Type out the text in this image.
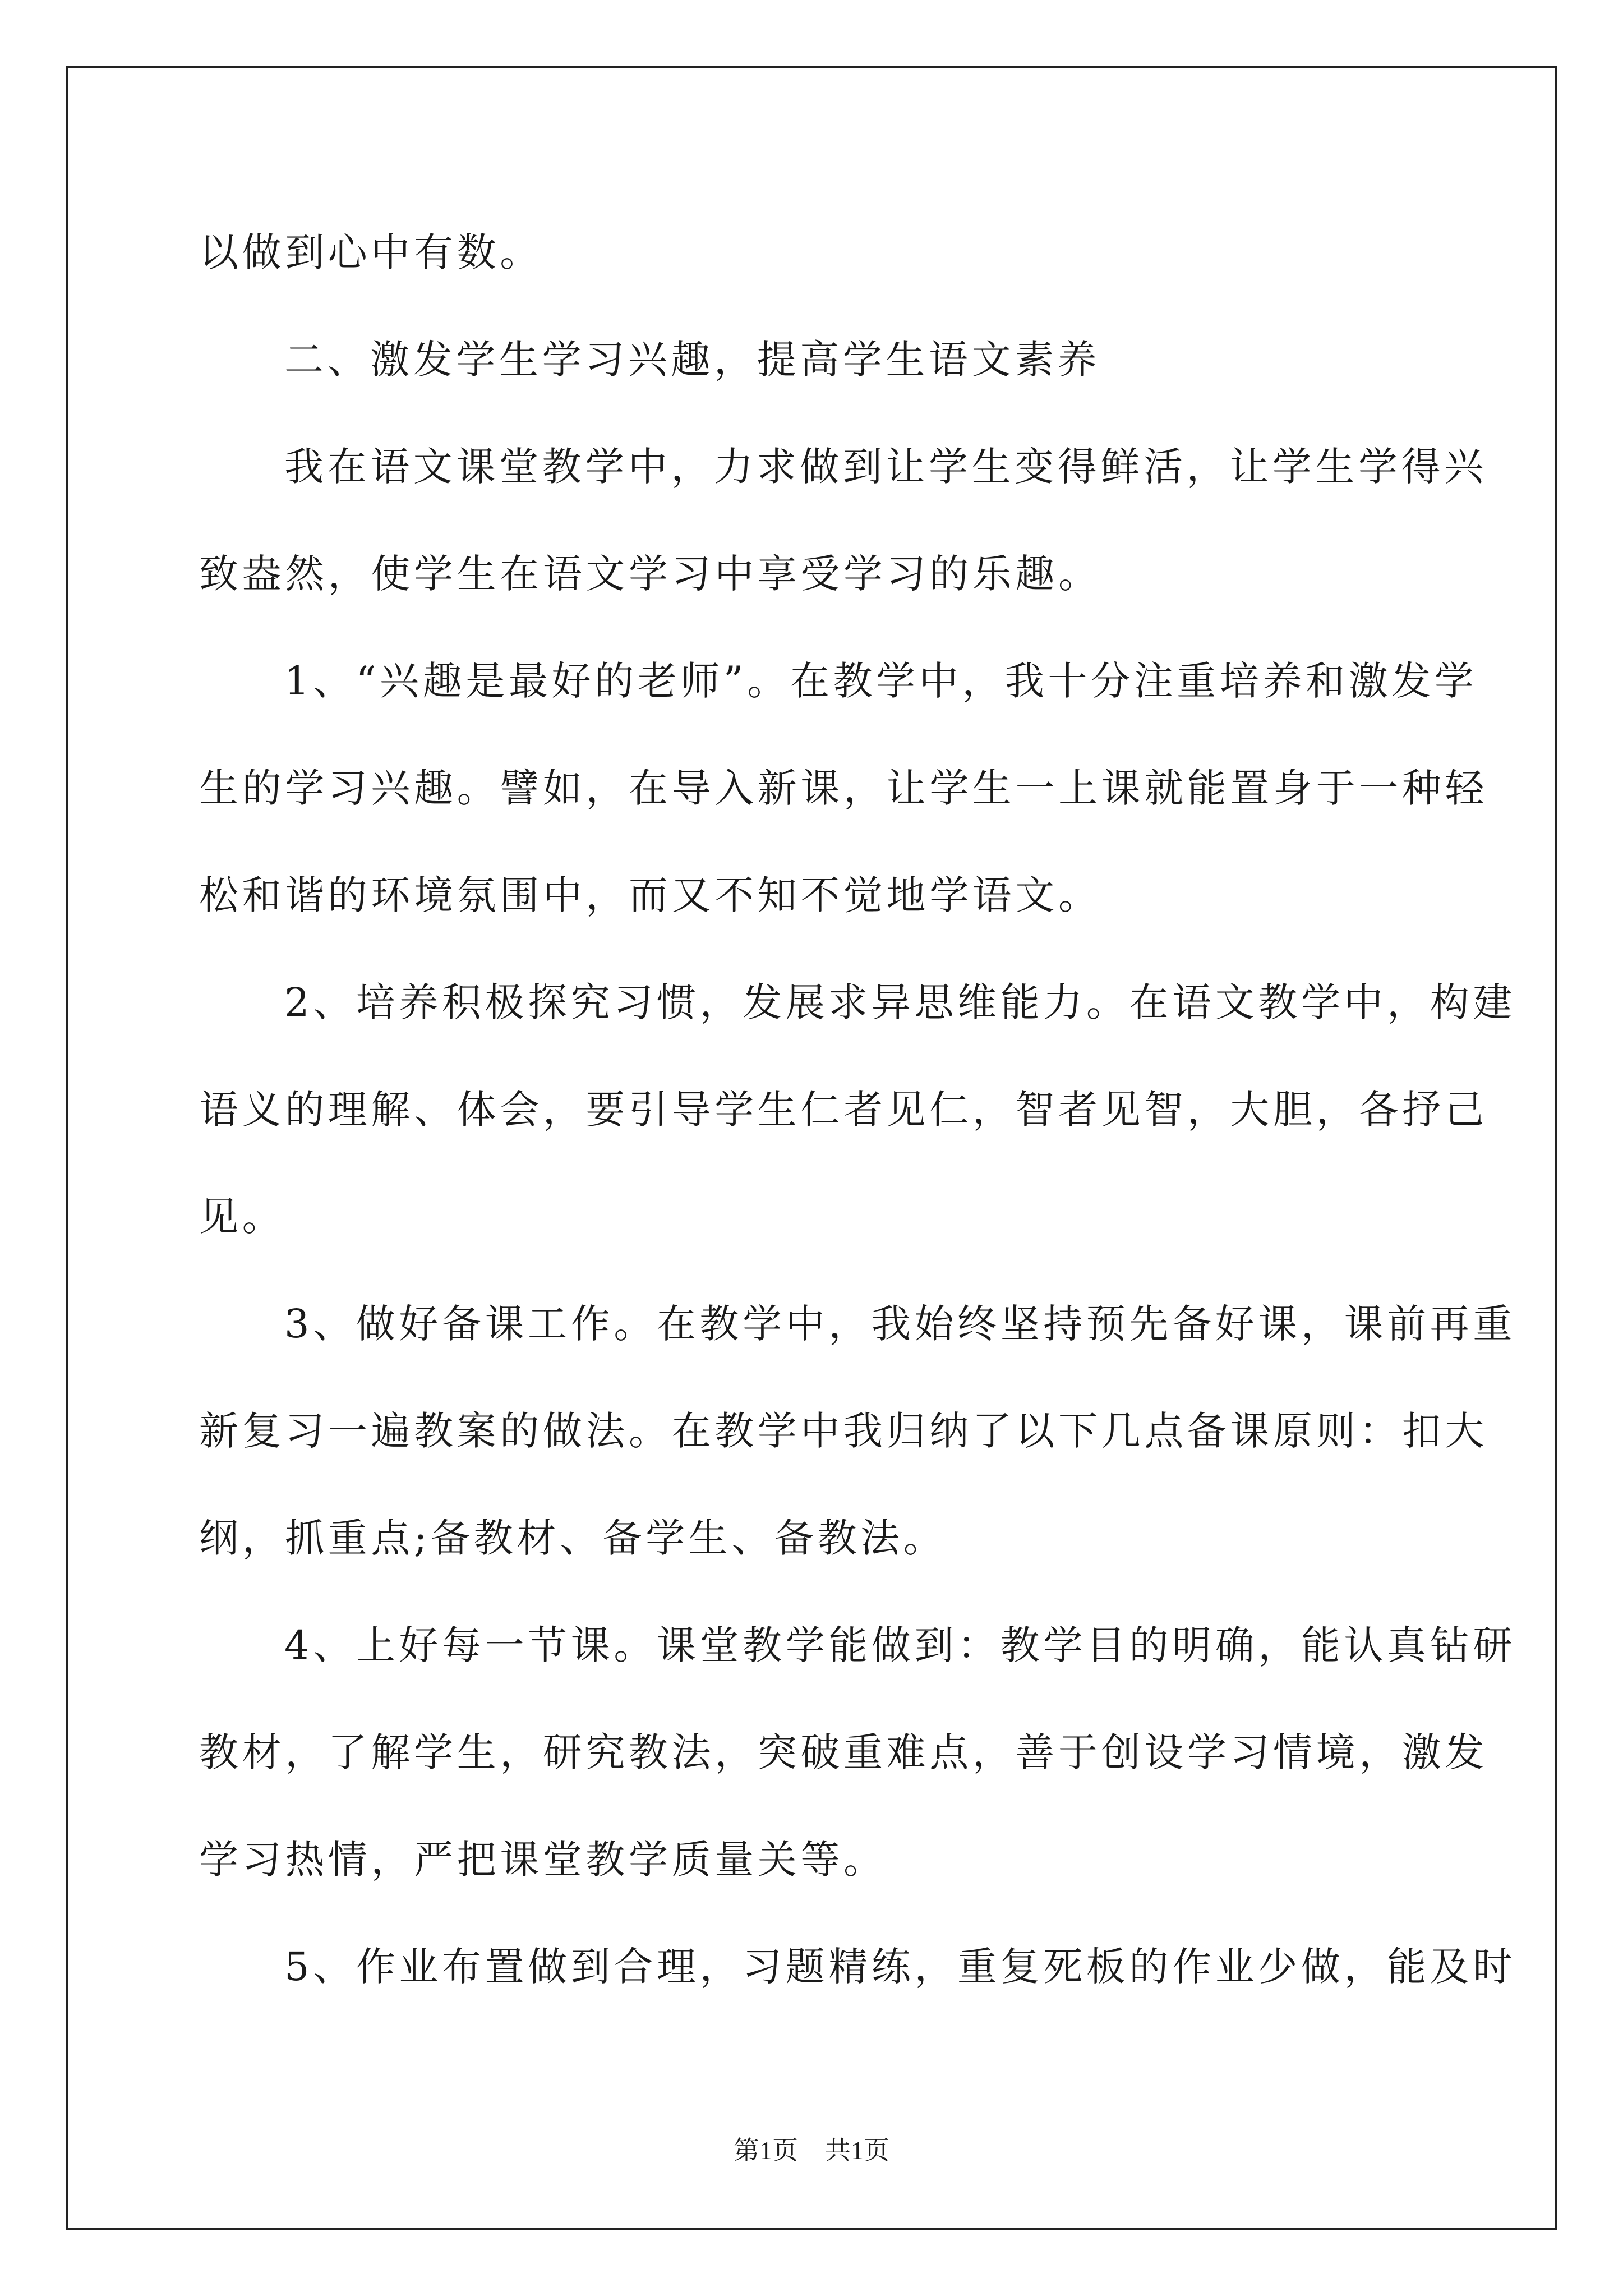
以做到心中有数。

二、激发学生学习兴趣，提高学生语文素养

我在语文课堂教学中，力求做到让学生变得鲜活，让学生学得兴

致盎然，使学生在语文学习中享受学习的乐趣。

1、“兴趣是最好的老师”。在教学中，我十分注重培养和激发学

生的学习兴趣。譬如，在导入新课，让学生一上课就能置身于一种轻

松和谐的环境氛围中，而又不知不觉地学语文。

2、培养积极探究习惯，发展求异思维能力。在语文教学中，构建

语义的理解、体会，要引导学生仁者见仁，智者见智，大胆，各抒己

见。

3、做好备课工作。在教学中，我始终坚持预先备好课，课前再重

新复习一遍教案的做法。在教学中我归纳了以下几点备课原则：扣大

纲，抓重点;备教材、备学生、备教法。

4、上好每一节课。课堂教学能做到：教学目的明确，能认真钻研

教材，了解学生，研究教法，突破重难点，善于创设学习情境，激发

学习热情，严把课堂教学质量关等。

5、作业布置做到合理，习题精练，重复死板的作业少做，能及时

第1页 共1页
